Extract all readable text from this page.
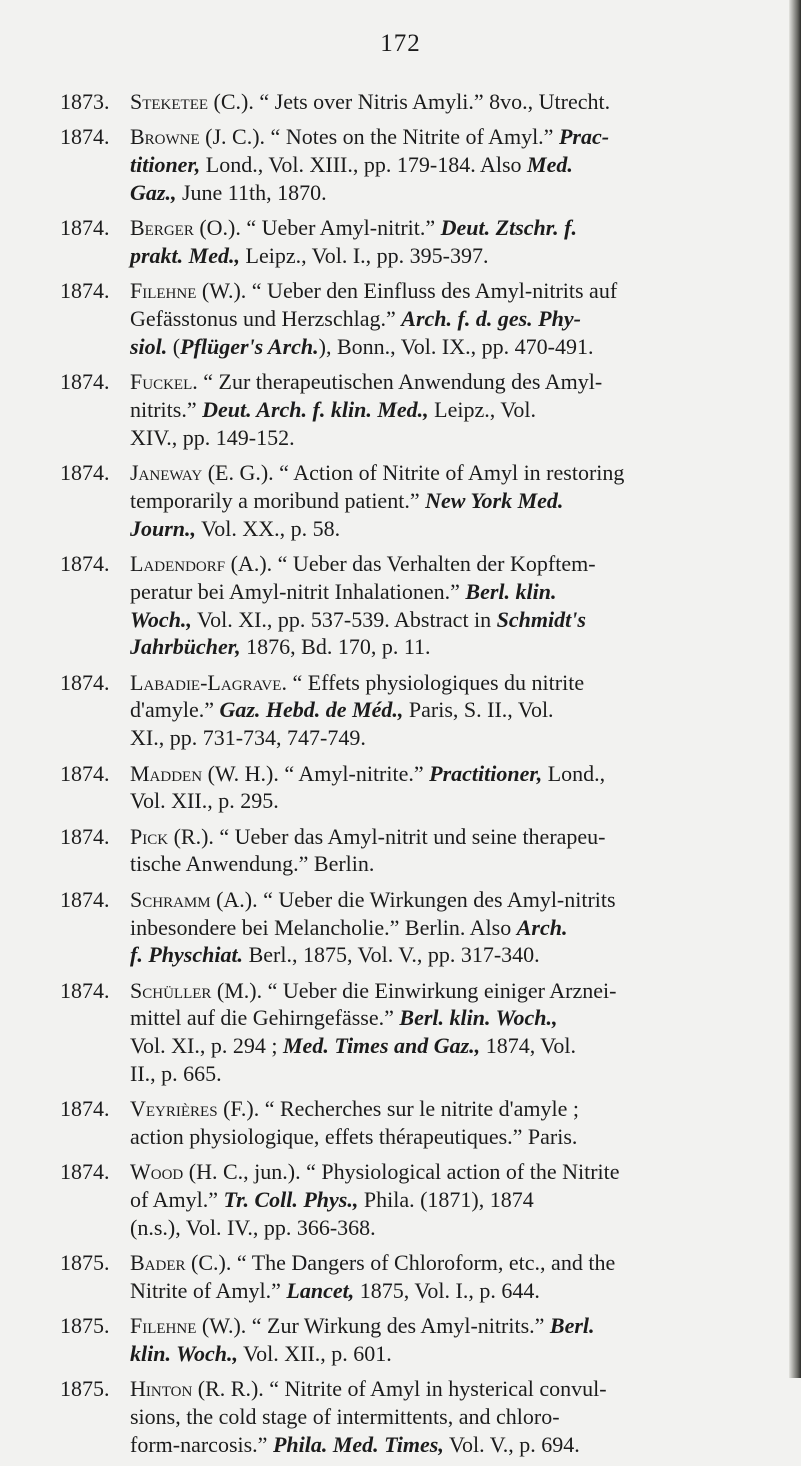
172
1873. Steketee (C.). “ Jets over Nitris Amyli.” 8vo., Utrecht.
1874. Browne (J. C.). “ Notes on the Nitrite of Amyl.” Prac-
titioner, Lond., Vol. XIII., pp. 179-184. Also Med.
Gaz., June 11th, 1870.
1874. Berger (O.). “ Ueber Amyl-nitrit.” Deut. Ztschr. f.
prakt. Med., Leipz., Vol. I., pp. 395-397.
1874. Filehne (W.). “ Ueber den Einfluss des Amyl-nitrits auf
Gefässtonus und Herzschlag.” Arch. f. d. ges. Phy-
siol. (Pflüger's Arch.), Bonn., Vol. IX., pp. 470-491.
1874. Fuckel. “ Zur therapeutischen Anwendung des Amyl-
nitrits.” Deut. Arch. f. klin. Med., Leipz., Vol.
XIV., pp. 149-152.
1874. Janeway (E. G.). “ Action of Nitrite of Amyl in restoring
temporarily a moribund patient.” New York Med.
Journ., Vol. XX., p. 58.
1874. Ladendorf (A.). “ Ueber das Verhalten der Kopftem-
peratur bei Amyl-nitrit Inhalationen.” Berl. klin.
Woch., Vol. XI., pp. 537-539. Abstract in Schmidt's
Jahrbücher, 1876, Bd. 170, p. 11.
1874. Labadie-Lagrave. “ Effets physiologiques du nitrite
d'amyle.” Gaz. Hebd. de Méd., Paris, S. II., Vol.
XI., pp. 731-734, 747-749.
1874. Madden (W. H.). “ Amyl-nitrite.” Practitioner, Lond.,
Vol. XII., p. 295.
1874. Pick (R.). “ Ueber das Amyl-nitrit und seine therapeu-
tische Anwendung.” Berlin.
1874. Schramm (A.). “ Ueber die Wirkungen des Amyl-nitrits
inbesondere bei Melancholie.” Berlin. Also Arch.
f. Physchiat. Berl., 1875, Vol. V., pp. 317-340.
1874. Schüller (M.). “ Ueber die Einwirkung einiger Arznei-
mittel auf die Gehirngefässe.” Berl. klin. Woch.,
Vol. XI., p. 294 ; Med. Times and Gaz., 1874, Vol.
II., p. 665.
1874. Veyrières (F.). “ Recherches sur le nitrite d'amyle ;
action physiologique, effets thérapeutiques.” Paris.
1874. Wood (H. C., jun.). “ Physiological action of the Nitrite
of Amyl.” Tr. Coll. Phys., Phila. (1871), 1874
(n.s.), Vol. IV., pp. 366-368.
1875. Bader (C.). “ The Dangers of Chloroform, etc., and the
Nitrite of Amyl.” Lancet, 1875, Vol. I., p. 644.
1875. Filehne (W.). “ Zur Wirkung des Amyl-nitrits.” Berl.
klin. Woch., Vol. XII., p. 601.
1875. Hinton (R. R.). “ Nitrite of Amyl in hysterical convul-
sions, the cold stage of intermittents, and chloro-
form-narcosis.” Phila. Med. Times, Vol. V., p. 694.
